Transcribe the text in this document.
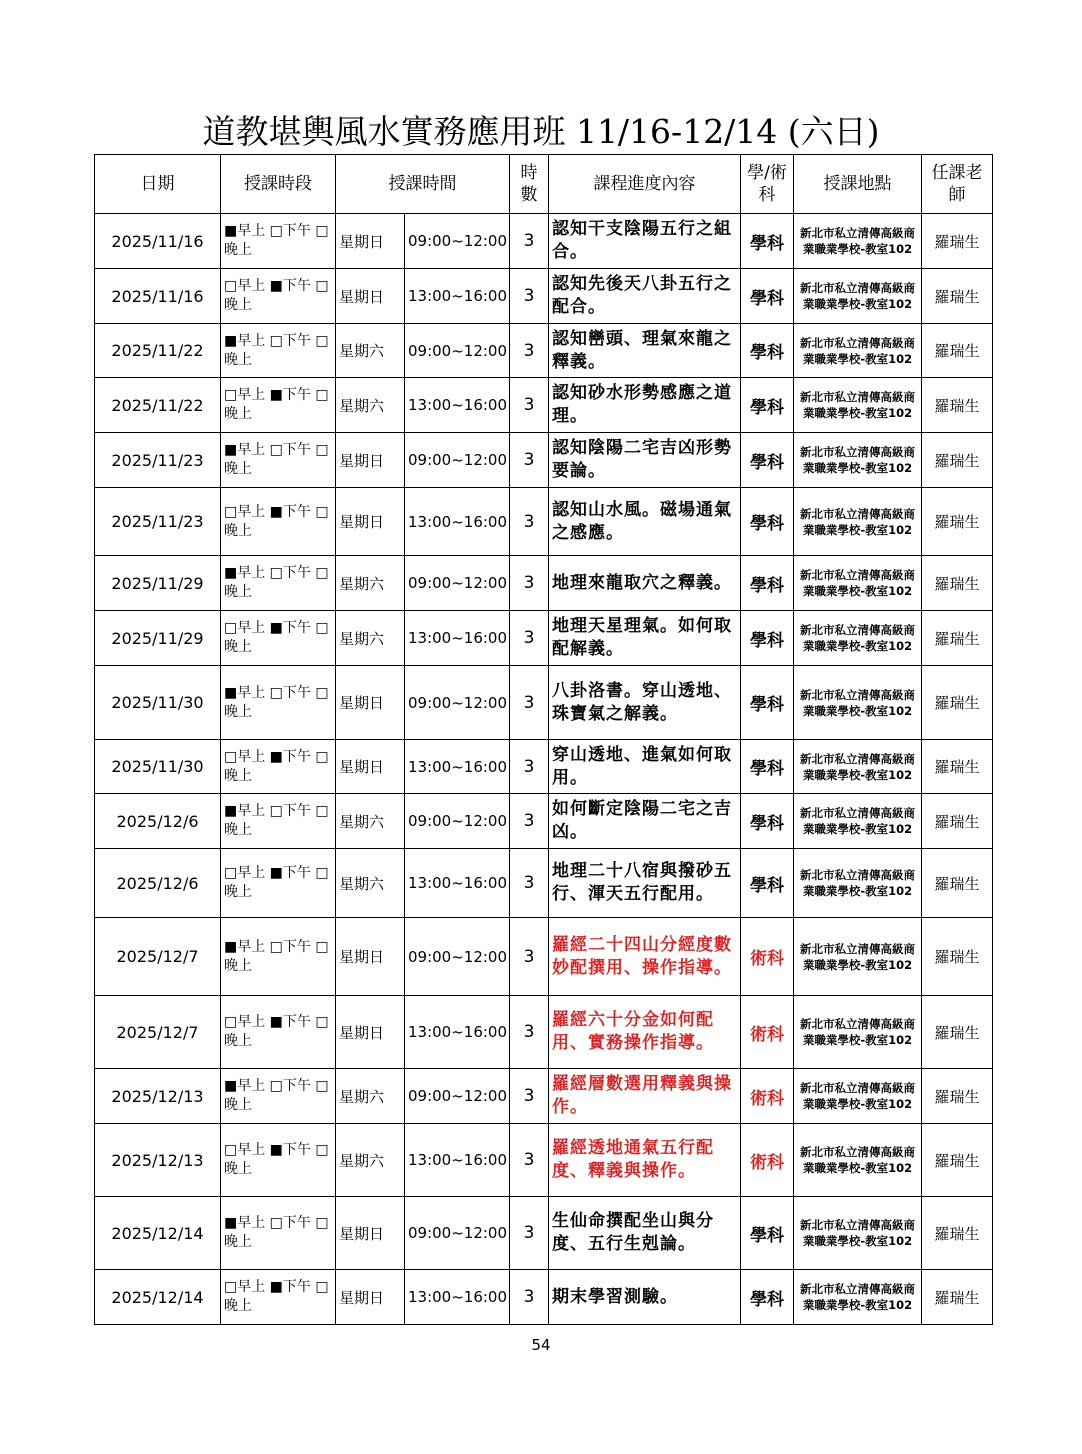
道教堪輿風水實務應用班 11/16-12/14 (六日)
日期	授課時段	授課時間		時數	課程進度內容	學/術科	授課地點	任課老師
2025/11/16	■早上 □下午 □晚上	星期日	09:00~12:00	3	認知干支陰陽五行之組合。	學科	新北市私立清傳高級商業職業學校-教室102	羅瑞生
2025/11/16	□早上 ■下午 □晚上	星期日	13:00~16:00	3	認知先後天八卦五行之配合。	學科	新北市私立清傳高級商業職業學校-教室102	羅瑞生
2025/11/22	■早上 □下午 □晚上	星期六	09:00~12:00	3	認知巒頭、理氣來龍之釋義。	學科	新北市私立清傳高級商業職業學校-教室102	羅瑞生
2025/11/22	□早上 ■下午 □晚上	星期六	13:00~16:00	3	認知砂水形勢感應之道理。	學科	新北市私立清傳高級商業職業學校-教室102	羅瑞生
2025/11/23	■早上 □下午 □晚上	星期日	09:00~12:00	3	認知陰陽二宅吉凶形勢要論。	學科	新北市私立清傳高級商業職業學校-教室102	羅瑞生
2025/11/23	□早上 ■下午 □晚上	星期日	13:00~16:00	3	認知山水風。磁場通氣之感應。	學科	新北市私立清傳高級商業職業學校-教室102	羅瑞生
2025/11/29	■早上 □下午 □晚上	星期六	09:00~12:00	3	地理來龍取穴之釋義。	學科	新北市私立清傳高級商業職業學校-教室102	羅瑞生
2025/11/29	□早上 ■下午 □晚上	星期六	13:00~16:00	3	地理天星理氣。如何取配解義。	學科	新北市私立清傳高級商業職業學校-教室102	羅瑞生
2025/11/30	■早上 □下午 □晚上	星期日	09:00~12:00	3	八卦洛書。穿山透地、珠寶氣之解義。	學科	新北市私立清傳高級商業職業學校-教室102	羅瑞生
2025/11/30	□早上 ■下午 □晚上	星期日	13:00~16:00	3	穿山透地、進氣如何取用。	學科	新北市私立清傳高級商業職業學校-教室102	羅瑞生
2025/12/6	■早上 □下午 □晚上	星期六	09:00~12:00	3	如何斷定陰陽二宅之吉凶。	學科	新北市私立清傳高級商業職業學校-教室102	羅瑞生
2025/12/6	□早上 ■下午 □晚上	星期六	13:00~16:00	3	地理二十八宿與撥砂五行、渾天五行配用。	學科	新北市私立清傳高級商業職業學校-教室102	羅瑞生
2025/12/7	■早上 □下午 □晚上	星期日	09:00~12:00	3	羅經二十四山分經度數妙配撰用、操作指導。	術科	新北市私立清傳高級商業職業學校-教室102	羅瑞生
2025/12/7	□早上 ■下午 □晚上	星期日	13:00~16:00	3	羅經六十分金如何配用、實務操作指導。	術科	新北市私立清傳高級商業職業學校-教室102	羅瑞生
2025/12/13	■早上 □下午 □晚上	星期六	09:00~12:00	3	羅經層數選用釋義與操作。	術科	新北市私立清傳高級商業職業學校-教室102	羅瑞生
2025/12/13	□早上 ■下午 □晚上	星期六	13:00~16:00	3	羅經透地通氣五行配度、釋義與操作。	術科	新北市私立清傳高級商業職業學校-教室102	羅瑞生
2025/12/14	■早上 □下午 □晚上	星期日	09:00~12:00	3	生仙命撰配坐山與分度、五行生剋論。	學科	新北市私立清傳高級商業職業學校-教室102	羅瑞生
2025/12/14	□早上 ■下午 □晚上	星期日	13:00~16:00	3	期末學習測驗。	學科	新北市私立清傳高級商業職業學校-教室102	羅瑞生
54
